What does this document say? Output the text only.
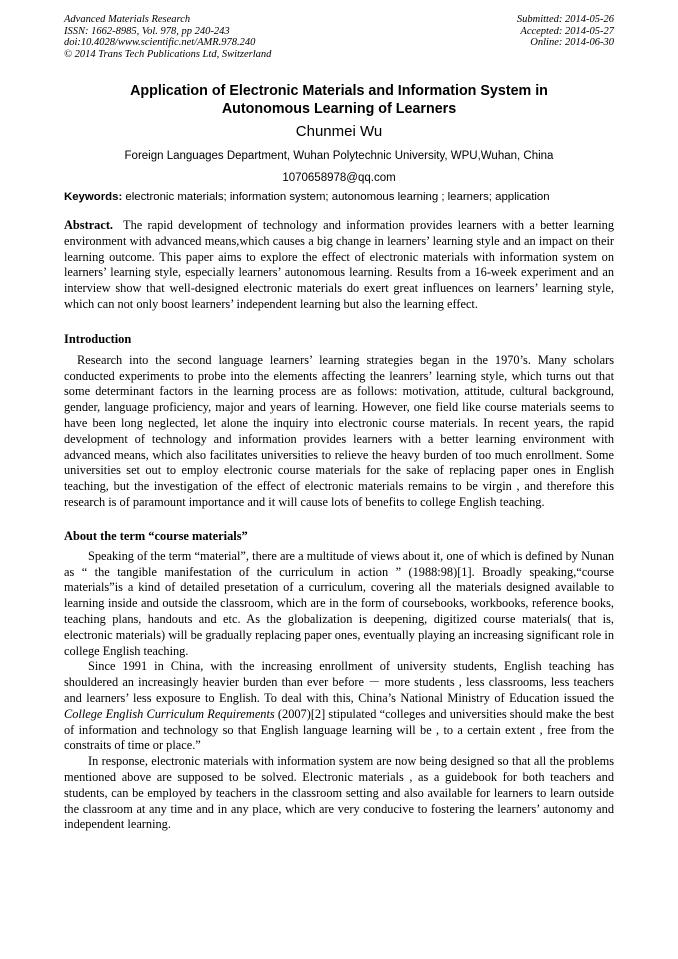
Advanced Materials Research
ISSN: 1662-8985, Vol. 978, pp 240-243
doi:10.4028/www.scientific.net/AMR.978.240
© 2014 Trans Tech Publications Ltd, Switzerland
Submitted: 2014-05-26
Accepted: 2014-05-27
Online: 2014-06-30
Application of Electronic Materials and Information System in
Autonomous Learning of Learners
Chunmei Wu
Foreign Languages Department, Wuhan Polytechnic University, WPU,Wuhan, China
1070658978@qq.com
Keywords: electronic materials; information system; autonomous learning ; learners; application
Abstract. The rapid development of technology and information provides learners with a better learning environment with advanced means,which causes a big change in learners’ learning style and an impact on their learning outcome. This paper aims to explore the effect of electronic materials with information system on learners’ learning style, especially learners’ autonomous learning. Results from a 16-week experiment and an interview show that well-designed electronic materials do exert great influences on learners’ learning style, which can not only boost learners’ independent learning but also the learning effect.
Introduction

Research into the second language learners’ learning strategies began in the 1970’s. Many scholars conducted experiments to probe into the elements affecting the leanrers’ learning style, which turns out that some determinant factors in the learning process are as follows: motivation, attitude, cultural background, gender, language proficiency, major and years of learning. However, one field like course materials seems to have been long neglected, let alone the inquiry into electronic course materials. In recent years, the rapid development of technology and information provides learners with a better learning environment with advanced means, which also facilitates universities to relieve the heavy burden of too much enrollment. Some universities set out to employ electronic course materials for the sake of replacing paper ones in English teaching, but the investigation of the effect of electronic materials remains to be virgin , and therefore this research is of paramount importance and it will cause lots of benefits to college English teaching.

About the term “course materials”

Speaking of the term “material”, there are a multitude of views about it, one of which is defined by Nunan as “ the tangible manifestation of the curriculum in action ” (1988:98)[1]. Broadly speaking,“course materials”is a kind of detailed presetation of a curriculum, covering all the materials designed available to learning inside and outside the classroom, which are in the form of coursebooks, workbooks, reference books, teaching plans, handouts and etc. As the globalization is deepening, digitized course materials( that is, electronic materials) will be gradually replacing paper ones, eventually playing an increasing significant role in college English teaching.

Since 1991 in China, with the increasing enrollment of university students, English teaching has shouldered an increasingly heavier burden than ever before － more students , less classrooms, less teachers and learners’ less exposure to English. To deal with this, China’s National Ministry of Education issued the College English Curriculum Requirements (2007)[2] stipulated “colleges and universities should make the best of information and technology so that English language learning will be , to a certain extent , free from the constraits of time or place.”

In response, electronic materials with information system are now being designed so that all the problems mentioned above are supposed to be solved. Electronic materials , as a guidebook for both teachers and students, can be employed by teachers in the classroom setting and also available for learners to learn outside the classroom at any time and in any place, which are very conducive to fostering the learners’ autonomy and independent learning.
